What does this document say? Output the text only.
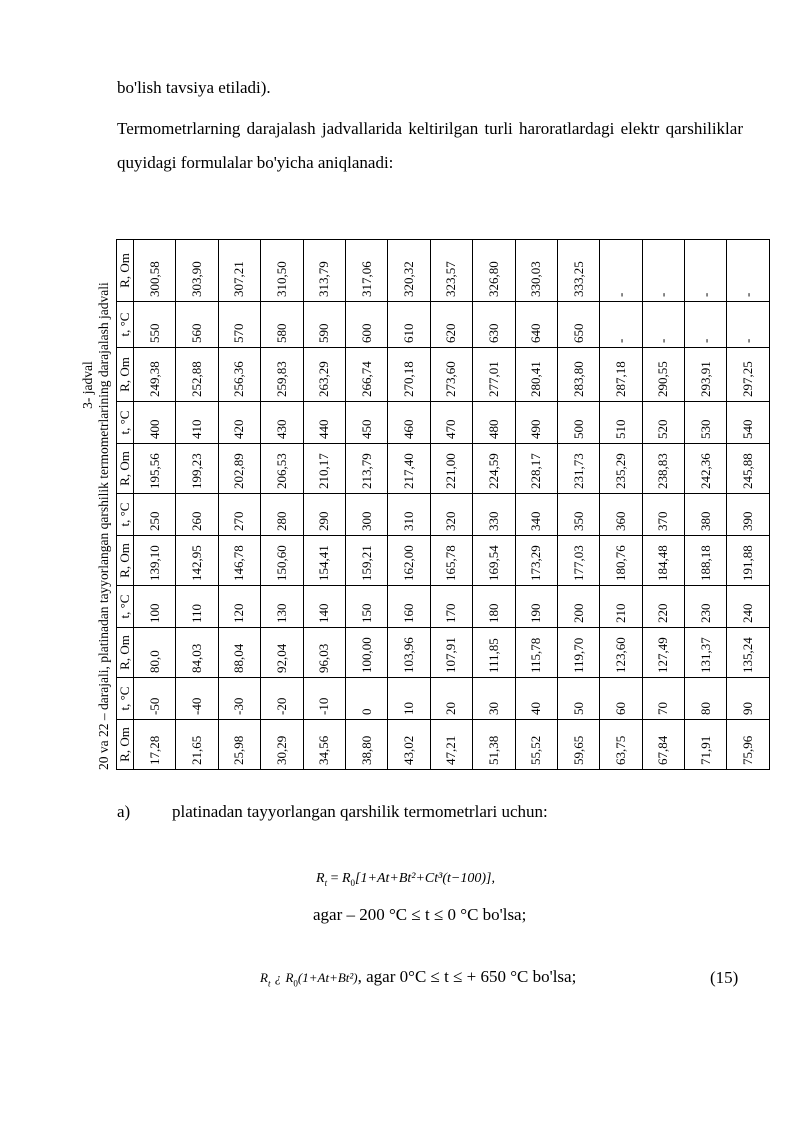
bo'lish tavsiya etiladi).
Termometrlarning darajalash jadvallarida keltirilgan turli haroratlardagi elektr qarshiliklar quyidagi formulalar bo'yicha aniqlanadi:
3- jadval 20 va 22 – darajali, platinadan tayyorlangan qarshilik termometrlarining darajalash jadvali R, Om	t, °C	R, Om	t, °C	R, Om	t, °C	R, Om	t, °C	R, Om	t, °C	R, Om
17,28	-50	80,0	100	139,10	250	195,56	400	249,38	550	300,58
21,65	-40	84,03	110	142,95	260	199,23	410	252,88	560	303,90
25,98	-30	88,04	120	146,78	270	202,89	420	256,36	570	307,21
30,29	-20	92,04	130	150,60	280	206,53	430	259,83	580	310,50
34,56	-10	96,03	140	154,41	290	210,17	440	263,29	590	313,79
38,80	0	100,00	150	159,21	300	213,79	450	266,74	600	317,06
43,02	10	103,96	160	162,00	310	217,40	460	270,18	610	320,32
47,21	20	107,91	170	165,78	320	221,00	470	273,60	620	323,57
51,38	30	111,85	180	169,54	330	224,59	480	277,01	630	326,80
55,52	40	115,78	190	173,29	340	228,17	490	280,41	640	330,03
59,65	50	119,70	200	177,03	350	231,73	500	283,80	650	333,25
63,75	60	123,60	210	180,76	360	235,29	510	287,18	-	-
67,84	70	127,49	220	184,48	370	238,83	520	290,55	-	-
71,91	80	131,37	230	188,18	380	242,36	530	293,91	-	-
75,96	90	135,24	240	191,88	390	245,88	540	297,25	-	-
a) platinadan tayyorlangan qarshilik termometrlari uchun:
$R_t = R_0[1+At+Bt^2+Ct^3(t-100)]$,
agar – 200 °C ≤ t ≤ 0 °C bo'lsa;
$R_t$ ¿ $R_0(1+At+Bt^2)$, agar 0°C ≤ t ≤ + 650 °C bo'lsa;	(15)
